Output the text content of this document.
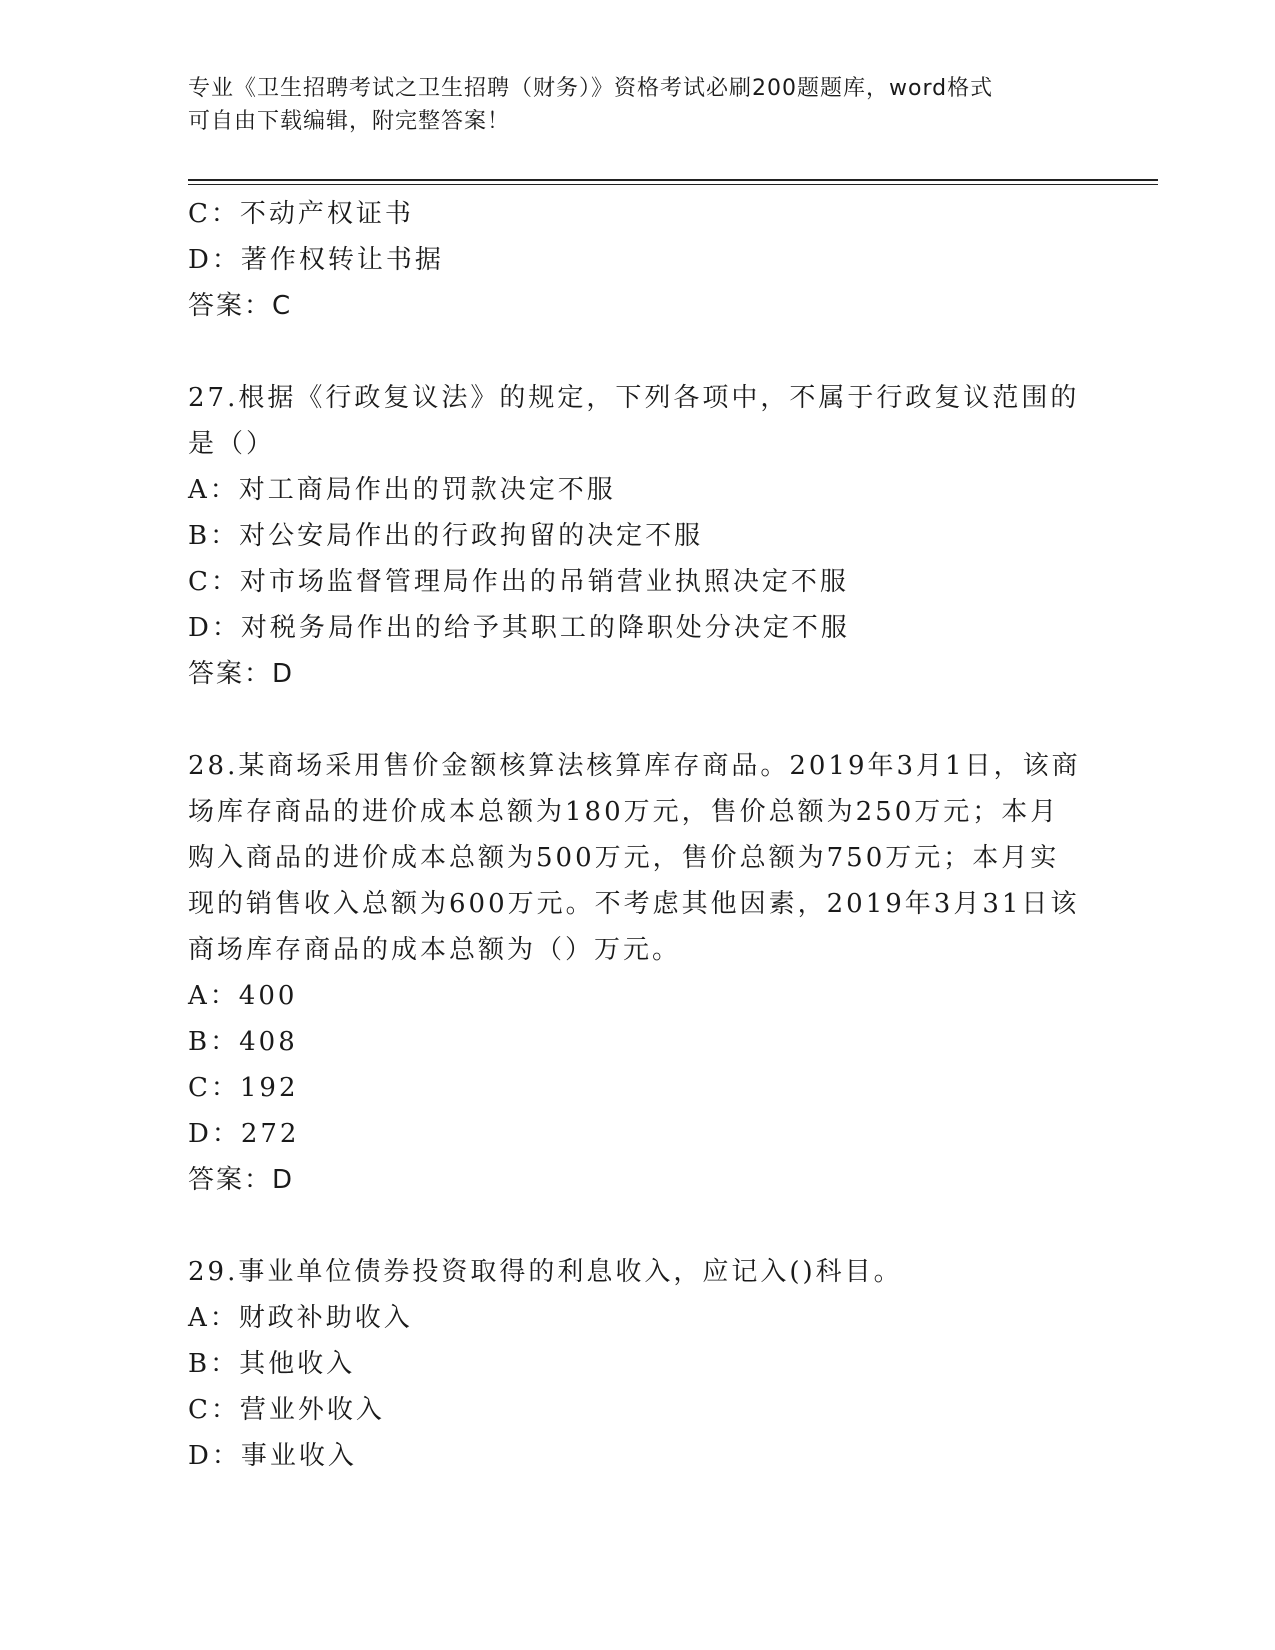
专业《卫生招聘考试之卫生招聘（财务）》资格考试必刷200题题库，word格式
可自由下载编辑，附完整答案！
C：不动产权证书
D：著作权转让书据
答案：C
27.根据《行政复议法》的规定，下列各项中，不属于行政复议范围的
是（）
A：对工商局作出的罚款决定不服
B：对公安局作出的行政拘留的决定不服
C：对市场监督管理局作出的吊销营业执照决定不服
D：对税务局作出的给予其职工的降职处分决定不服
答案：D
28.某商场采用售价金额核算法核算库存商品。2019年3月1日，该商
场库存商品的进价成本总额为180万元，售价总额为250万元；本月
购入商品的进价成本总额为500万元，售价总额为750万元；本月实
现的销售收入总额为600万元。不考虑其他因素，2019年3月31日该
商场库存商品的成本总额为（）万元。
A：400
B：408
C：192
D：272
答案：D
29.事业单位债券投资取得的利息收入，应记入()科目。
A：财政补助收入
B：其他收入
C：营业外收入
D：事业收入
